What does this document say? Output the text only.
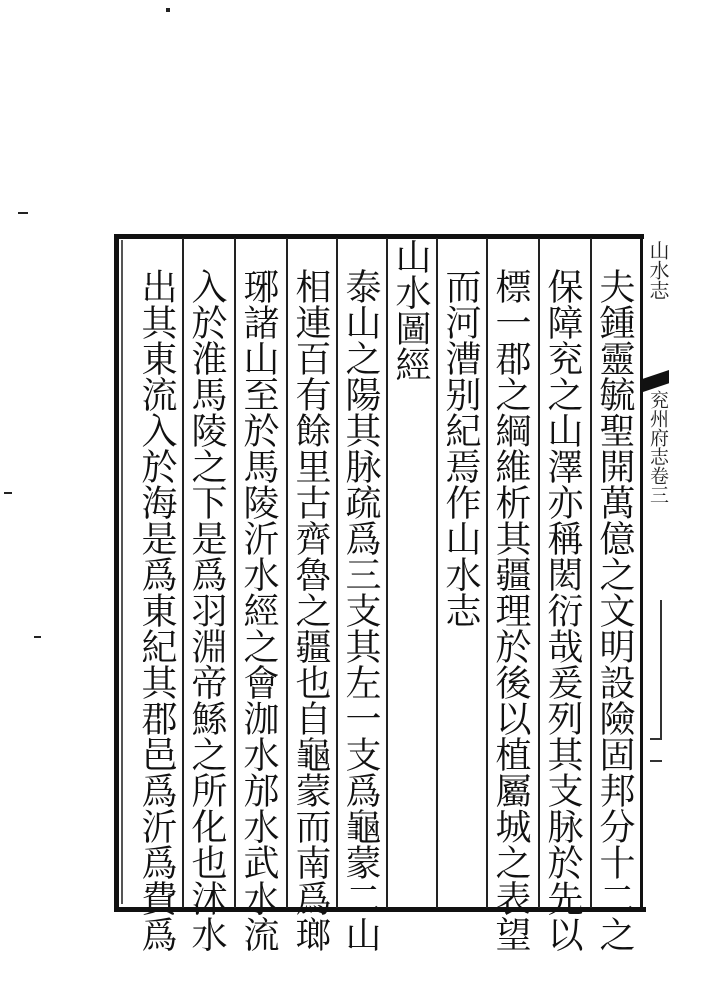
山水志
兖州府志卷三
夫鍾靈毓聖開萬億之文明設險固邦分十二之
保障兖之山澤亦稱閎衍哉爰列其支脉於先以
標一郡之綱維析其疆理於後以植屬城之表望
而河漕别紀焉作山水志
山水圖經
泰山之陽其脉疏爲三支其左一支爲龜蒙二山
相連百有餘里古齊魯之疆也自龜蒙而南爲瑯
琊諸山至於馬陵沂水經之會泇水邡水武水流
入於淮馬陵之下是爲羽淵帝鯀之所化也沭水
出其東流入於海是爲東紀其郡邑爲沂爲費爲
